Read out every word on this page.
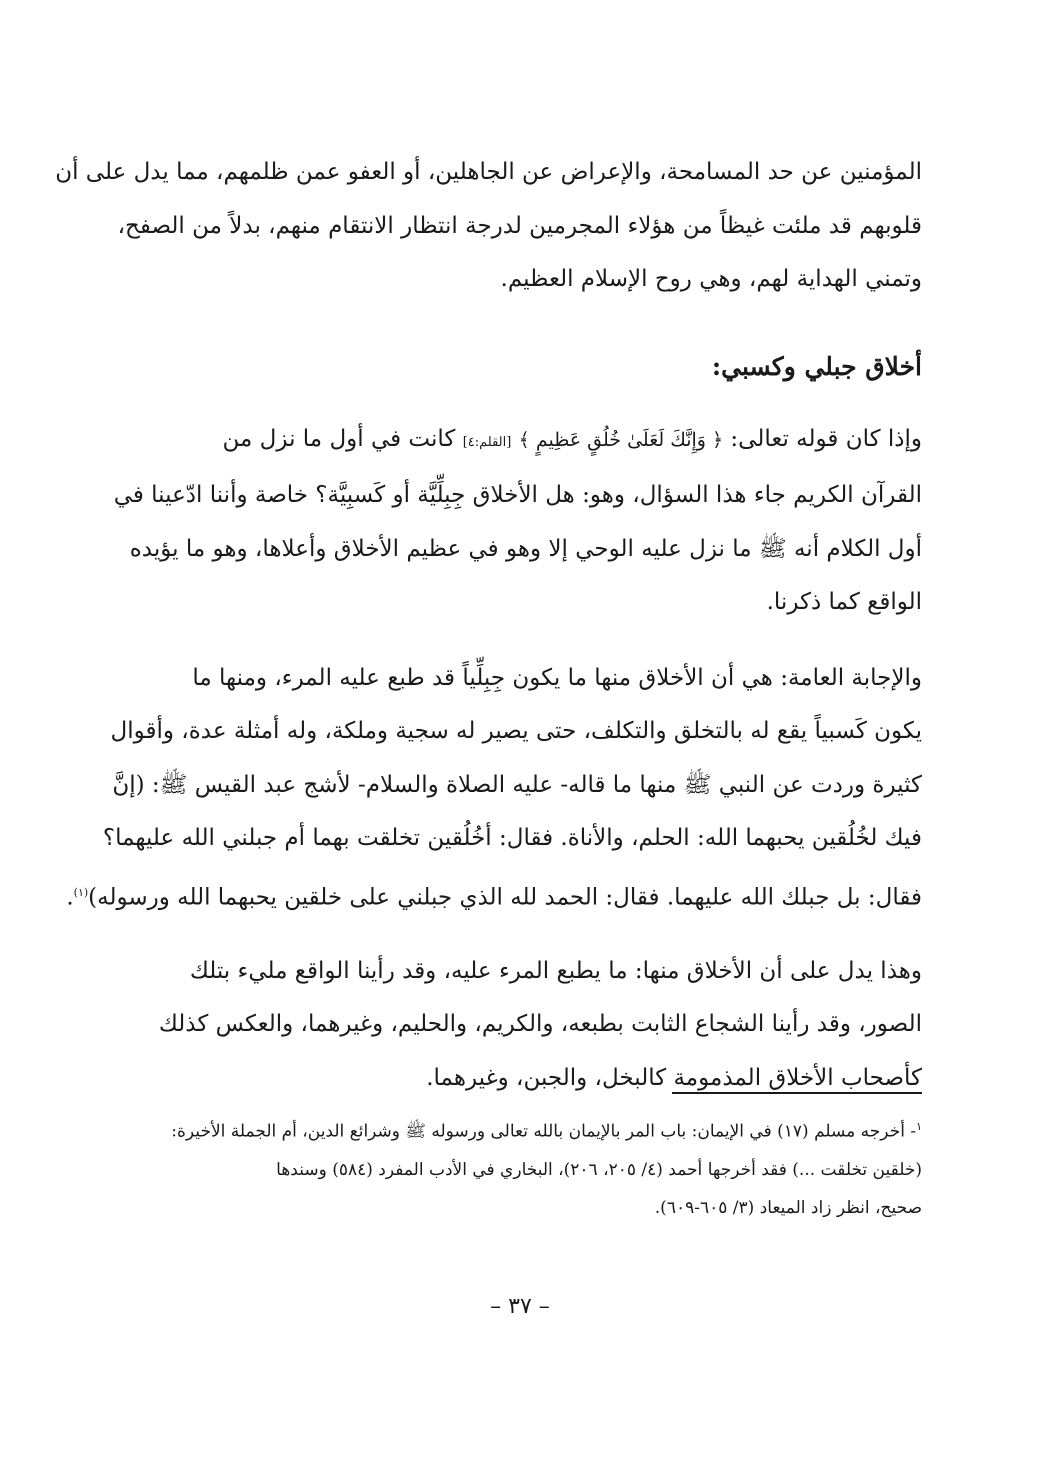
المؤمنين عن حد المسامحة، والإعراض عن الجاهلين، أو العفو عمن ظلمهم، مما يدل على أن
قلوبهم قد ملئت غيظاً من هؤلاء المجرمين لدرجة انتظار الانتقام منهم، بدلاً من الصفح،
وتمني الهداية لهم، وهي روح الإسلام العظيم.

أخلاق جبلي وكسبي:

وإذا كان قوله تعالى: ﴿ وَإِنَّكَ لَعَلَىٰ خُلُقٍ عَظِيمٍ ﴾ [القلم:٤] كانت في أول ما نزل من
القرآن الكريم جاء هذا السؤال، وهو: هل الأخلاق جِبِلِّيَّة أو كَسبِيَّة؟ خاصة وأننا ادّعينا في
أول الكلام أنه ﷺ ما نزل عليه الوحي إلا وهو في عظيم الأخلاق وأعلاها، وهو ما يؤيده
الواقع كما ذكرنا.

والإجابة العامة: هي أن الأخلاق منها ما يكون جِبِلِّياً قد طبع عليه المرء، ومنها ما
يكون كَسبياً يقع له بالتخلق والتكلف، حتى يصير له سجية وملكة، وله أمثلة عدة، وأقوال
كثيرة وردت عن النبي ﷺ منها ما قاله- عليه الصلاة والسلام- لأشج عبد القيس ﷺ: (إنَّ
فيك لخُلُقين يحبهما الله: الحلم، والأناة. فقال: أخُلُقين تخلقت بهما أم جبلني الله عليهما؟
فقال: بل جبلك الله عليهما. فقال: الحمد لله الذي جبلني على خلقين يحبهما الله ورسوله)$^{(١)}$.

وهذا يدل على أن الأخلاق منها: ما يطبع المرء عليه، وقد رأينا الواقع مليء بتلك
الصور، وقد رأينا الشجاع الثابت بطبعه، والكريم، والحليم، وغيرهما، والعكس كذلك
كأصحاب الأخلاق المذمومة كالبخل، والجبن، وغيرهما.

$^١$- أخرجه مسلم (١٧) في الإيمان: باب المر بالإيمان بالله تعالى ورسوله ﷺ وشرائع الدين، أم الجملة الأخيرة:
(خلقين تخلقت ...) فقد أخرجها أحمد (٤/ ٢٠٥، ٢٠٦)، البخاري في الأدب المفرد (٥٨٤) وسندها
صحيح، انظر زاد الميعاد (٣/ ٦٠٥-٦٠٩).
– ٣٧ –
